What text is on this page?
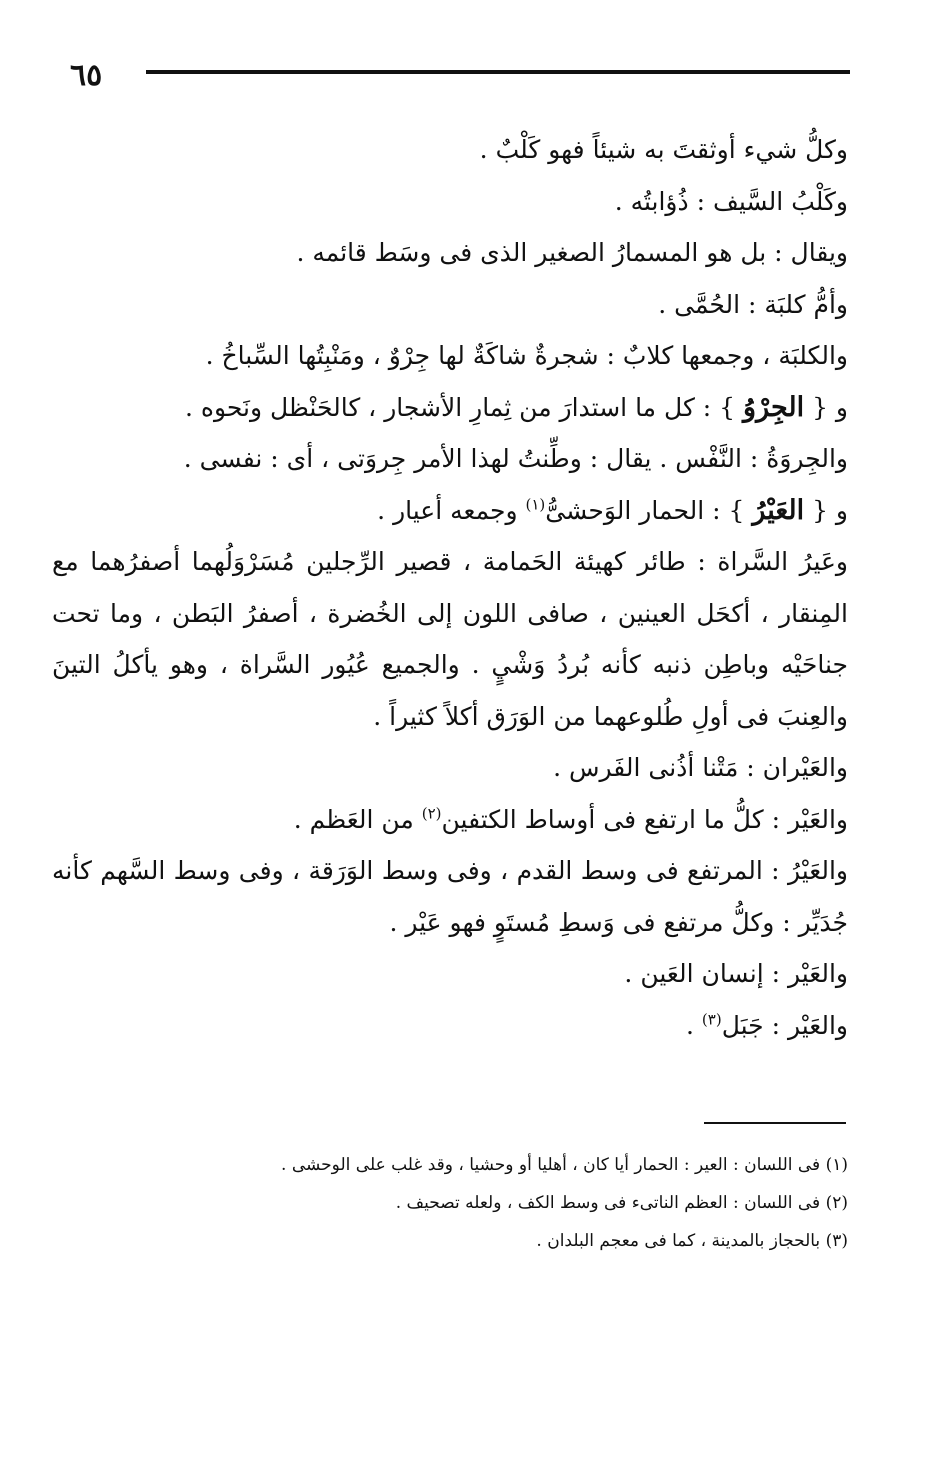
٦٥

وكلُّ شيء أوثقتَ به شيئاً فهو كَلْبٌ .

وكَلْبُ السَّيف : ذُؤابتُه .

ويقال : بل هو المسمارُ الصغير الذى فى وسَط قائمه .

وأمُّ كلبَة : الحُمَّى .

والكلبَة ، وجمعها كلابٌ : شجرةٌ شاكَةٌ لها جِرْوٌ ، ومَنْبِتُها السِّباخُ .

و { الجِرْوُ } : كل ما استدارَ من ثِمارِ الأشجار ، كالحَنْظل ونَحوه .

والجِروَةُ : النَّفْس . يقال : وطِّنتُ لهذا الأمر جِروَتى ، أى : نفسى .

و { العَيْرُ } : الحمار الوَحشىُّ$^{(١)}$ وجمعه أعيار .

وعَيرُ السَّراة : طائر كهيئة الحَمامة ، قصير الرِّجلين مُسَرْوَلُهما أصفرُهما مع المِنقار ، أكحَل العينين ، صافى اللون إلى الخُضرة ، أصفرُ البَطن ، وما تحت جناحَيْه وباطِن ذنبه كأنه بُردُ وَشْيٍ . والجميع عُيُور السَّراة ، وهو يأكلُ التينَ والعِنبَ فى أولِ طُلوعهما من الوَرَق أكلاً كثيراً .

والعَيْران : مَتْنا أذُنى الفَرس .

والعَيْر : كلُّ ما ارتفع فى أوساط الكتفين$^{(٢)}$ من العَظم .

والعَيْرُ : المرتفع فى وسط القدم ، وفى وسط الوَرَقة ، وفى وسط السَّهم كأنه جُدَيِّر : وكلُّ مرتفع فى وَسطِ مُستَوٍ فهو عَيْر .

والعَيْر : إنسان العَين .

والعَيْر : جَبَل$^{(٣)}$ .

(١) فى اللسان : العير : الحمار أيا كان ، أهليا أو وحشيا ، وقد غلب على الوحشى .
(٢) فى اللسان : العظم الناتىء فى وسط الكف ، ولعله تصحيف .
(٣) بالحجاز بالمدينة ، كما فى معجم البلدان .
